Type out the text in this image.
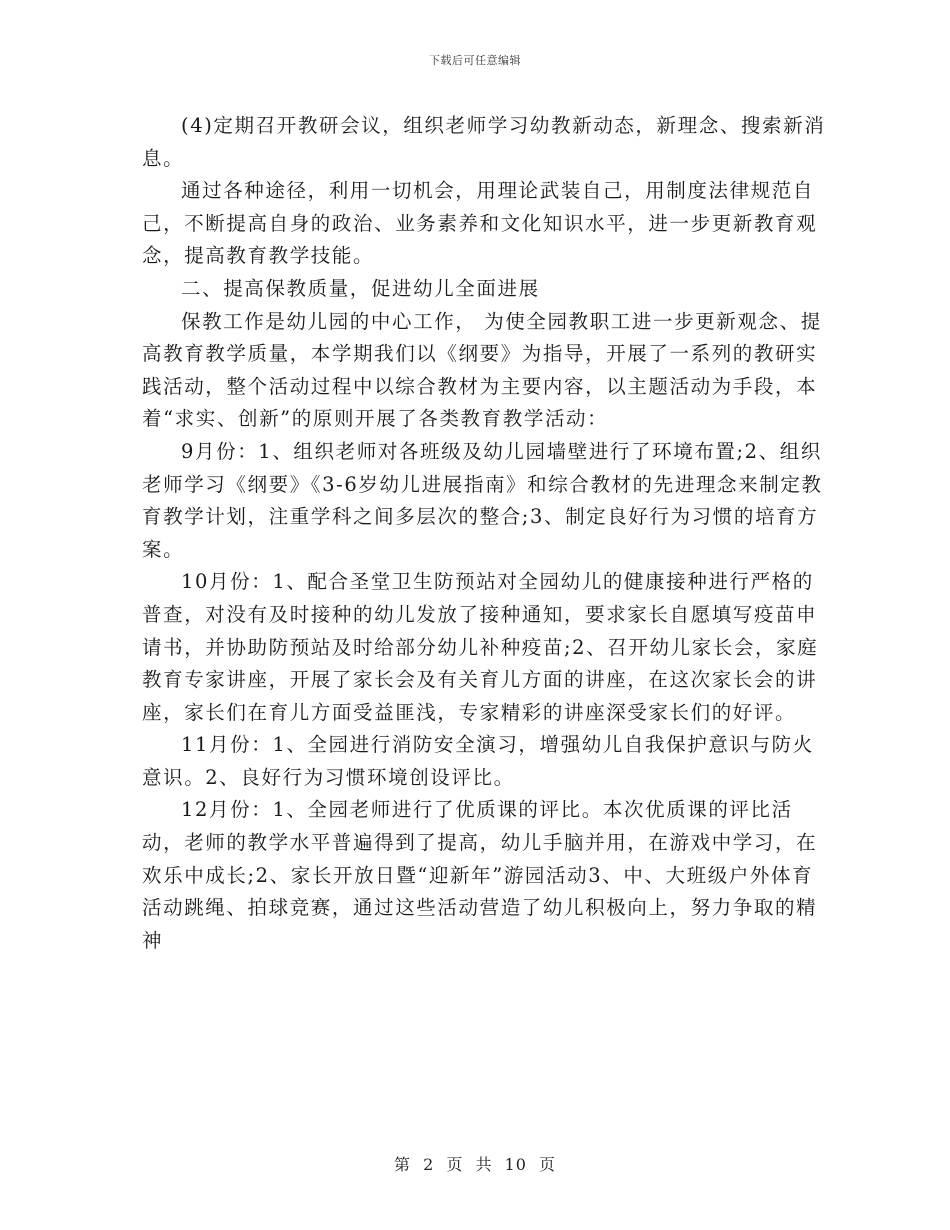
下载后可任意编辑

(4)定期召开教研会议，组织老师学习幼教新动态，新理念、搜索新消息。

通过各种途径，利用一切机会，用理论武装自己，用制度法律规范自己，不断提高自身的政治、业务素养和文化知识水平，进一步更新教育观念，提高教育教学技能。

二、提高保教质量，促进幼儿全面进展

保教工作是幼儿园的中心工作， 为使全园教职工进一步更新观念、提高教育教学质量，本学期我们以《纲要》为指导，开展了一系列的教研实践活动，整个活动过程中以综合教材为主要内容，以主题活动为手段，本着“求实、创新”的原则开展了各类教育教学活动：

9月份：1、组织老师对各班级及幼儿园墙壁进行了环境布置;2、组织老师学习《纲要》《3-6岁幼儿进展指南》和综合教材的先进理念来制定教育教学计划，注重学科之间多层次的整合;3、制定良好行为习惯的培育方案。

10月份：1、配合圣堂卫生防预站对全园幼儿的健康接种进行严格的普查，对没有及时接种的幼儿发放了接种通知，要求家长自愿填写疫苗申请书，并协助防预站及时给部分幼儿补种疫苗;2、召开幼儿家长会，家庭教育专家讲座，开展了家长会及有关育儿方面的讲座，在这次家长会的讲座，家长们在育儿方面受益匪浅，专家精彩的讲座深受家长们的好评。

11月份：1、全园进行消防安全演习，增强幼儿自我保护意识与防火意识。2、良好行为习惯环境创设评比。

12月份：1、全园老师进行了优质课的评比。本次优质课的评比活动，老师的教学水平普遍得到了提高，幼儿手脑并用，在游戏中学习，在欢乐中成长;2、家长开放日暨“迎新年”游园活动3、中、大班级户外体育活动跳绳、拍球竞赛，通过这些活动营造了幼儿积极向上，努力争取的精神

第 2 页 共 10 页
